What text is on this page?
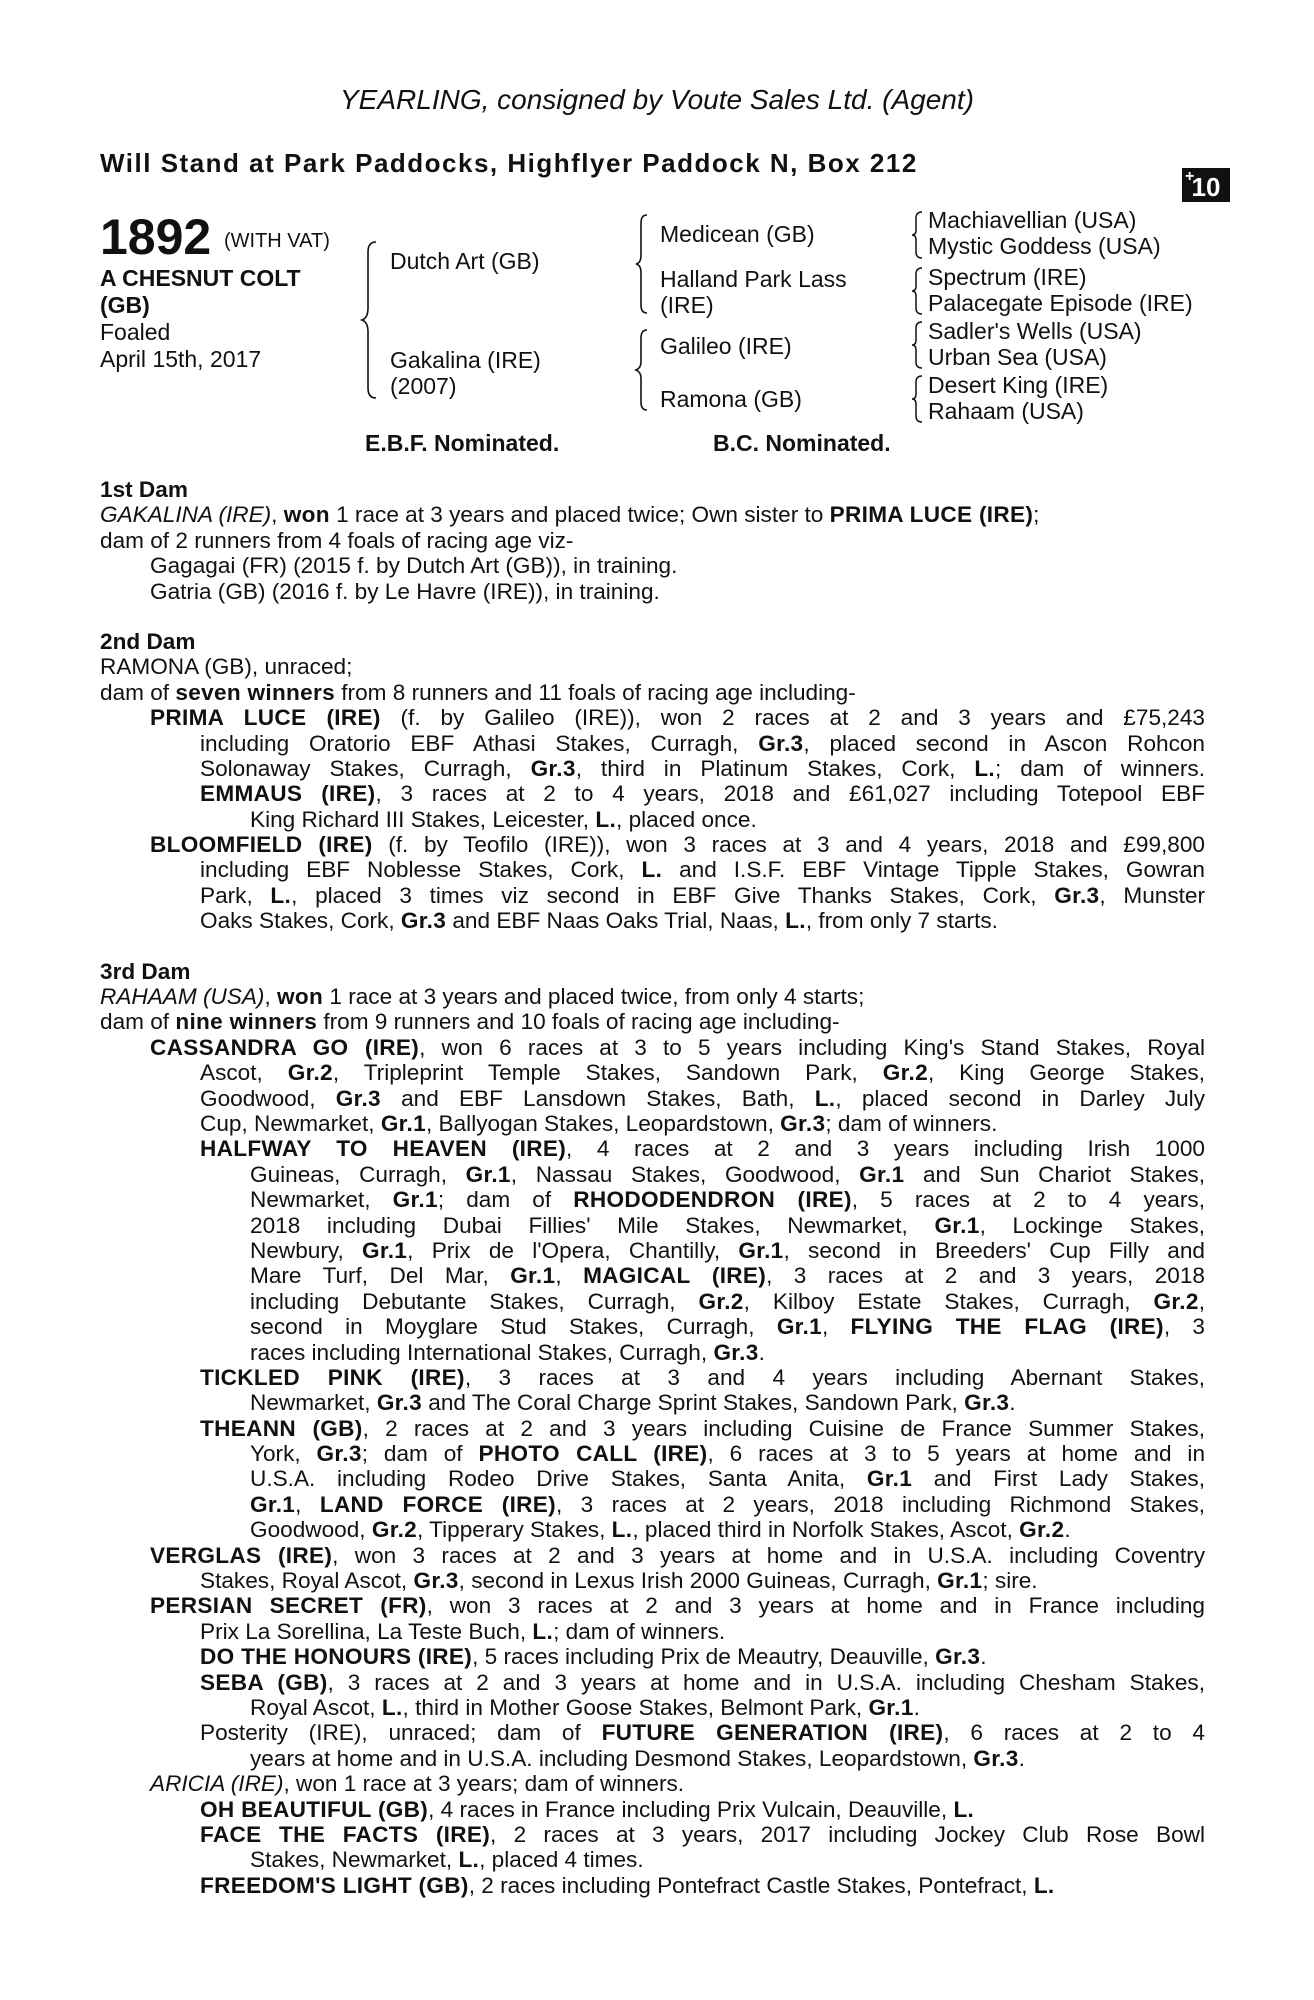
YEARLING, consigned by Voute Sales Ltd. (Agent)
Will Stand at Park Paddocks, Highflyer Paddock N, Box 212	+
10
1892 (WITH VAT)
A CHESNUT COLT
(GB)
Foaled
April 15th, 2017
Dutch Art (GB)
Gakalina (IRE)
(2007)
Medicean (GB)
Halland Park Lass
(IRE)
Galileo (IRE)
Ramona (GB)
Machiavellian (USA)
Mystic Goddess (USA)
Spectrum (IRE)
Palacegate Episode (IRE)
Sadler's Wells (USA)
Urban Sea (USA)
Desert King (IRE)
Rahaam (USA)
E.B.F. Nominated.	B.C. Nominated.
1st Dam
GAKALINA (IRE), won 1 race at 3 years and placed twice; Own sister to PRIMA LUCE (IRE);
dam of 2 runners from 4 foals of racing age viz-
Gagagai (FR) (2015 f. by Dutch Art (GB)), in training.
Gatria (GB) (2016 f. by Le Havre (IRE)), in training.
2nd Dam
RAMONA (GB), unraced;
dam of seven winners from 8 runners and 11 foals of racing age including-
PRIMA LUCE (IRE) (f. by Galileo (IRE)), won 2 races at 2 and 3 years and £75,243
including Oratorio EBF Athasi Stakes, Curragh, Gr.3, placed second in Ascon Rohcon
Solonaway Stakes, Curragh, Gr.3, third in Platinum Stakes, Cork, L.; dam of winners.
EMMAUS (IRE), 3 races at 2 to 4 years, 2018 and £61,027 including Totepool EBF
King Richard III Stakes, Leicester, L., placed once.
BLOOMFIELD (IRE) (f. by Teofilo (IRE)), won 3 races at 3 and 4 years, 2018 and £99,800
including EBF Noblesse Stakes, Cork, L. and I.S.F. EBF Vintage Tipple Stakes, Gowran
Park, L., placed 3 times viz second in EBF Give Thanks Stakes, Cork, Gr.3, Munster
Oaks Stakes, Cork, Gr.3 and EBF Naas Oaks Trial, Naas, L., from only 7 starts.
3rd Dam
RAHAAM (USA), won 1 race at 3 years and placed twice, from only 4 starts;
dam of nine winners from 9 runners and 10 foals of racing age including-
CASSANDRA GO (IRE), won 6 races at 3 to 5 years including King's Stand Stakes, Royal
Ascot, Gr.2, Tripleprint Temple Stakes, Sandown Park, Gr.2, King George Stakes,
Goodwood, Gr.3 and EBF Lansdown Stakes, Bath, L., placed second in Darley July
Cup, Newmarket, Gr.1, Ballyogan Stakes, Leopardstown, Gr.3; dam of winners.
HALFWAY TO HEAVEN (IRE), 4 races at 2 and 3 years including Irish 1000
Guineas, Curragh, Gr.1, Nassau Stakes, Goodwood, Gr.1 and Sun Chariot Stakes,
Newmarket, Gr.1; dam of RHODODENDRON (IRE), 5 races at 2 to 4 years,
2018 including Dubai Fillies' Mile Stakes, Newmarket, Gr.1, Lockinge Stakes,
Newbury, Gr.1, Prix de l'Opera, Chantilly, Gr.1, second in Breeders' Cup Filly and
Mare Turf, Del Mar, Gr.1, MAGICAL (IRE), 3 races at 2 and 3 years, 2018
including Debutante Stakes, Curragh, Gr.2, Kilboy Estate Stakes, Curragh, Gr.2,
second in Moyglare Stud Stakes, Curragh, Gr.1, FLYING THE FLAG (IRE), 3
races including International Stakes, Curragh, Gr.3.
TICKLED PINK (IRE), 3 races at 3 and 4 years including Abernant Stakes,
Newmarket, Gr.3 and The Coral Charge Sprint Stakes, Sandown Park, Gr.3.
THEANN (GB), 2 races at 2 and 3 years including Cuisine de France Summer Stakes,
York, Gr.3; dam of PHOTO CALL (IRE), 6 races at 3 to 5 years at home and in
U.S.A. including Rodeo Drive Stakes, Santa Anita, Gr.1 and First Lady Stakes,
Gr.1, LAND FORCE (IRE), 3 races at 2 years, 2018 including Richmond Stakes,
Goodwood, Gr.2, Tipperary Stakes, L., placed third in Norfolk Stakes, Ascot, Gr.2.
VERGLAS (IRE), won 3 races at 2 and 3 years at home and in U.S.A. including Coventry
Stakes, Royal Ascot, Gr.3, second in Lexus Irish 2000 Guineas, Curragh, Gr.1; sire.
PERSIAN SECRET (FR), won 3 races at 2 and 3 years at home and in France including
Prix La Sorellina, La Teste Buch, L.; dam of winners.
DO THE HONOURS (IRE), 5 races including Prix de Meautry, Deauville, Gr.3.
SEBA (GB), 3 races at 2 and 3 years at home and in U.S.A. including Chesham Stakes,
Royal Ascot, L., third in Mother Goose Stakes, Belmont Park, Gr.1.
Posterity (IRE), unraced; dam of FUTURE GENERATION (IRE), 6 races at 2 to 4
years at home and in U.S.A. including Desmond Stakes, Leopardstown, Gr.3.
ARICIA (IRE), won 1 race at 3 years; dam of winners.
OH BEAUTIFUL (GB), 4 races in France including Prix Vulcain, Deauville, L.
FACE THE FACTS (IRE), 2 races at 3 years, 2017 including Jockey Club Rose Bowl
Stakes, Newmarket, L., placed 4 times.
FREEDOM'S LIGHT (GB), 2 races including Pontefract Castle Stakes, Pontefract, L.
